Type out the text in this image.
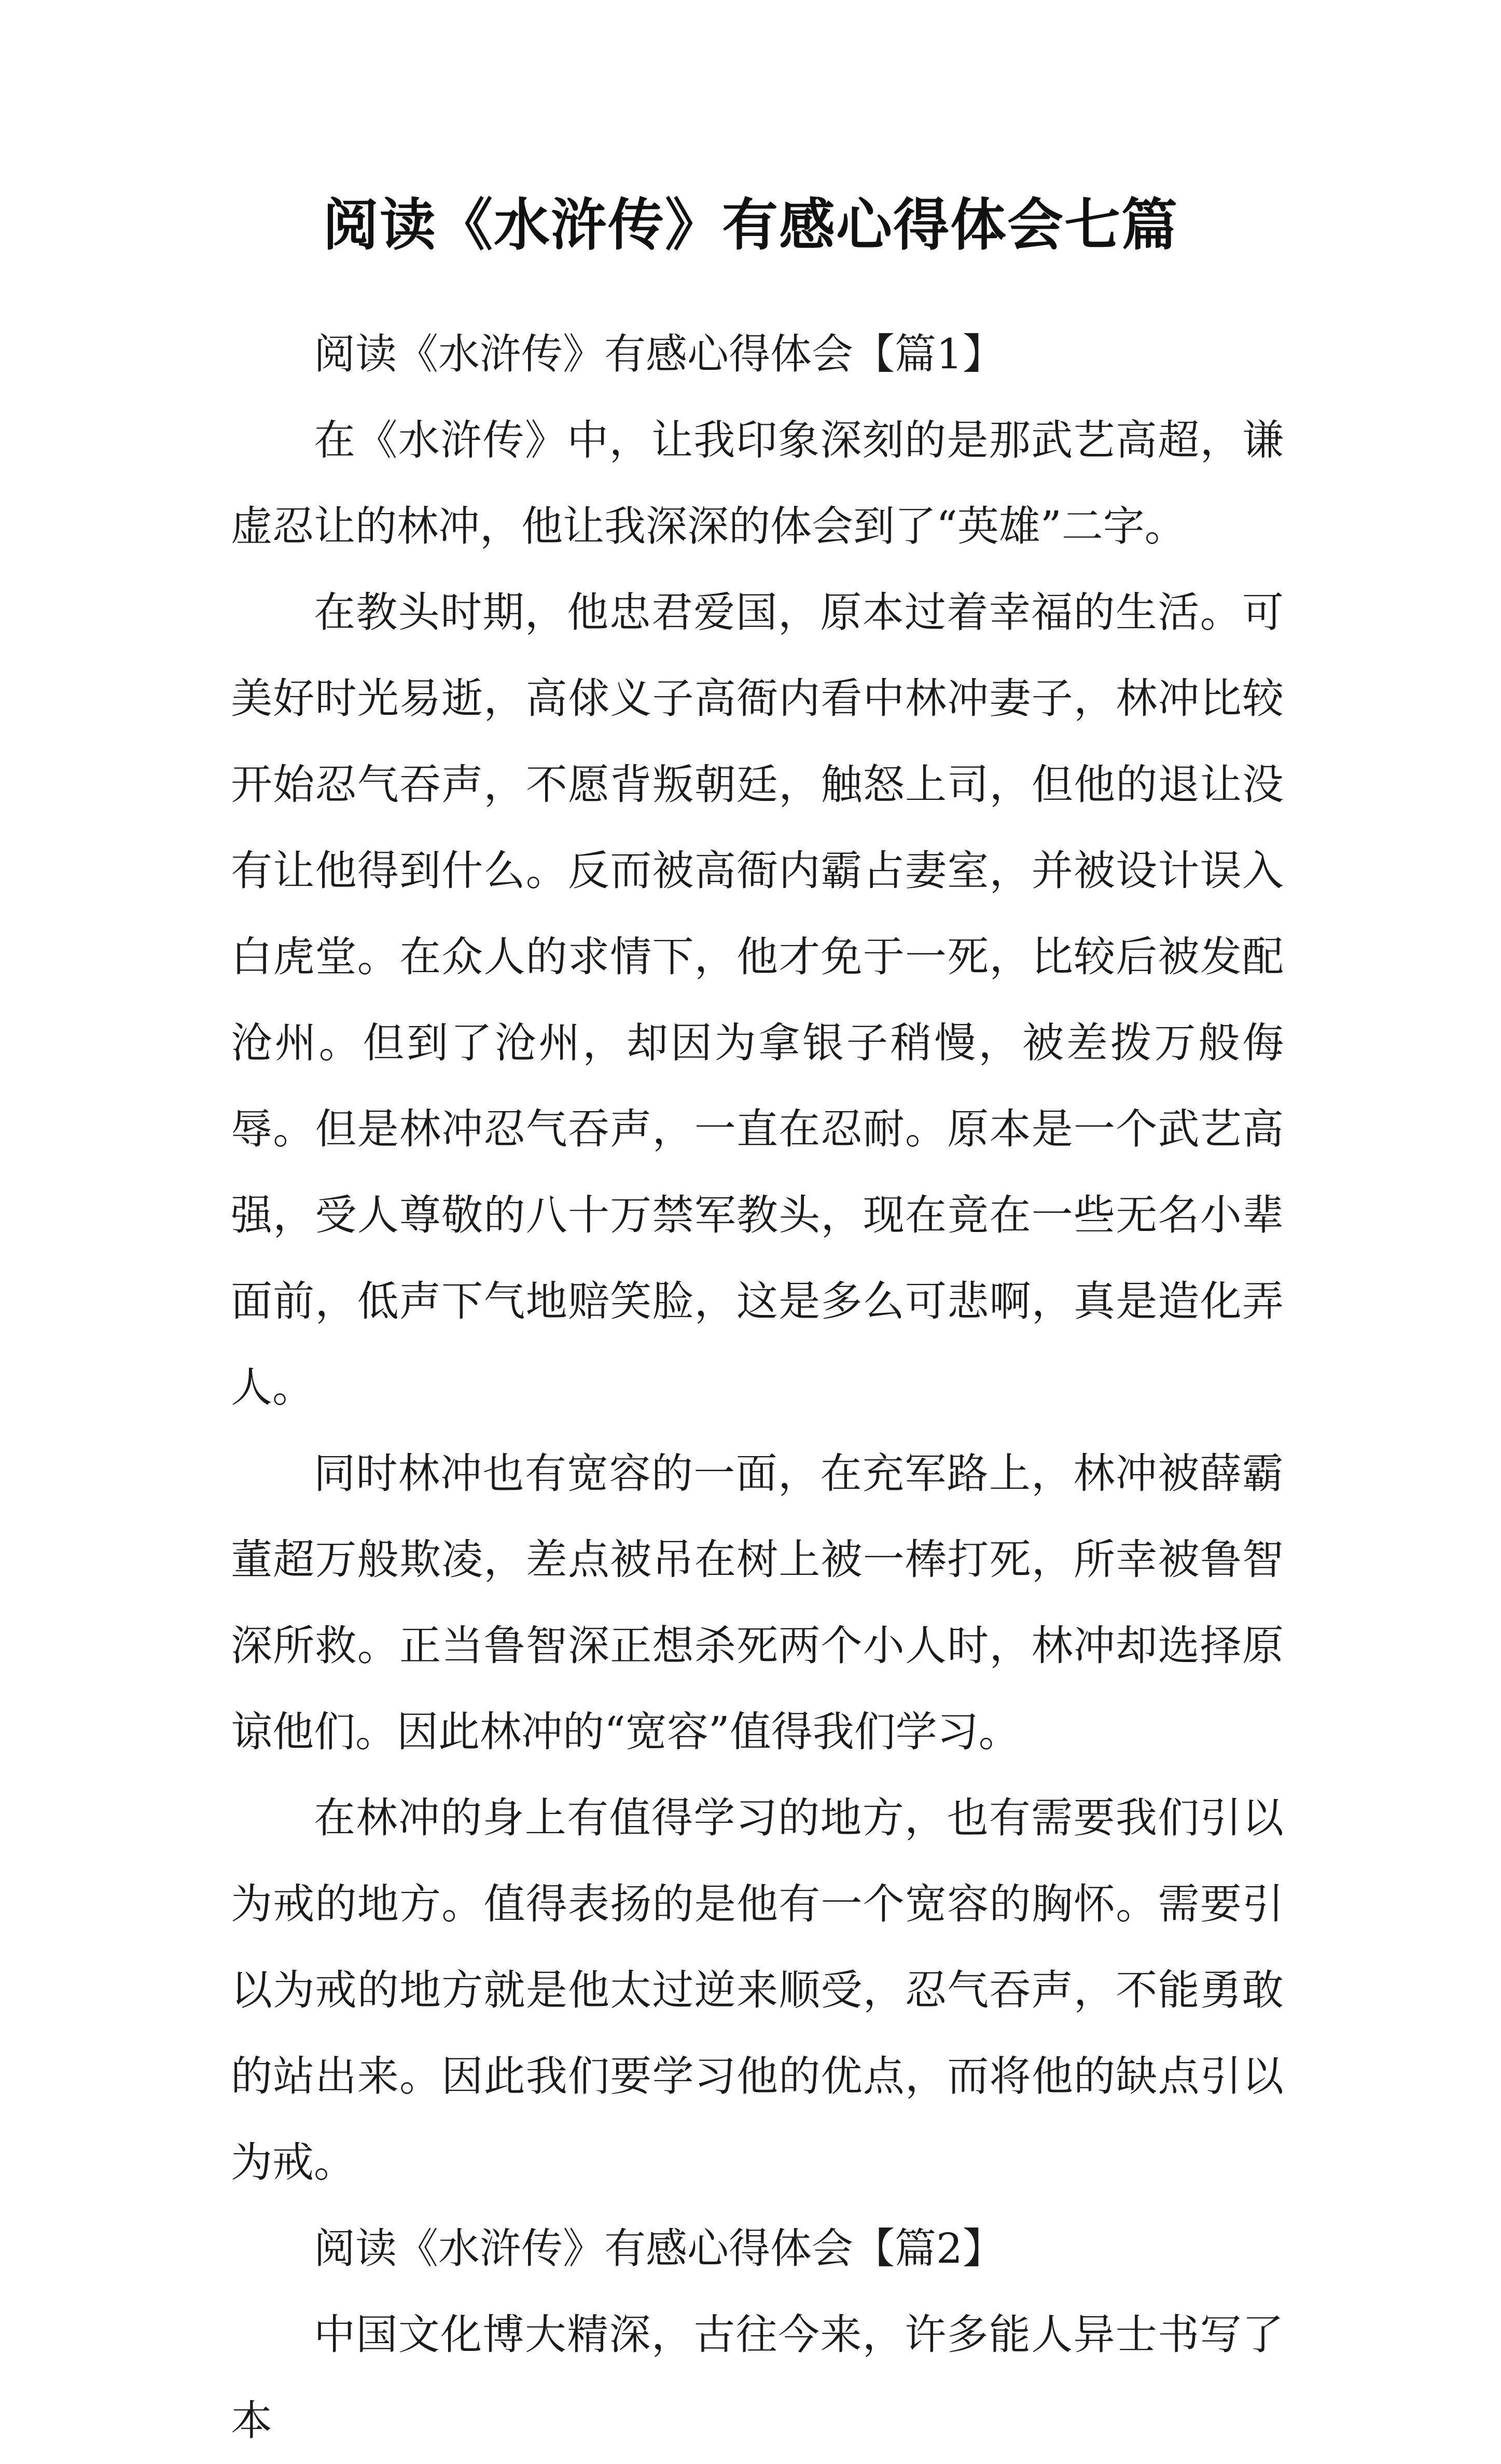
阅读《水浒传》有感心得体会七篇

阅读《水浒传》有感心得体会【篇1】

在《水浒传》中，让我印象深刻的是那武艺高超，谦虚忍让的林冲，他让我深深的体会到了“英雄”二字。

在教头时期，他忠君爱国，原本过着幸福的生活。可美好时光易逝，高俅义子高衙内看中林冲妻子，林冲比较开始忍气吞声，不愿背叛朝廷，触怒上司，但他的退让没有让他得到什么。反而被高衙内霸占妻室，并被设计误入白虎堂。在众人的求情下，他才免于一死，比较后被发配沧州。但到了沧州，却因为拿银子稍慢，被差拨万般侮辱。但是林冲忍气吞声，一直在忍耐。原本是一个武艺高强，受人尊敬的八十万禁军教头，现在竟在一些无名小辈面前，低声下气地赔笑脸，这是多么可悲啊，真是造化弄人。

同时林冲也有宽容的一面，在充军路上，林冲被薛霸董超万般欺凌，差点被吊在树上被一棒打死，所幸被鲁智深所救。正当鲁智深正想杀死两个小人时，林冲却选择原谅他们。因此林冲的“宽容”值得我们学习。

在林冲的身上有值得学习的地方，也有需要我们引以为戒的地方。值得表扬的是他有一个宽容的胸怀。需要引以为戒的地方就是他太过逆来顺受，忍气吞声，不能勇敢的站出来。因此我们要学习他的优点，而将他的缺点引以为戒。

阅读《水浒传》有感心得体会【篇2】

中国文化博大精深，古往今来，许多能人异士书写了本
